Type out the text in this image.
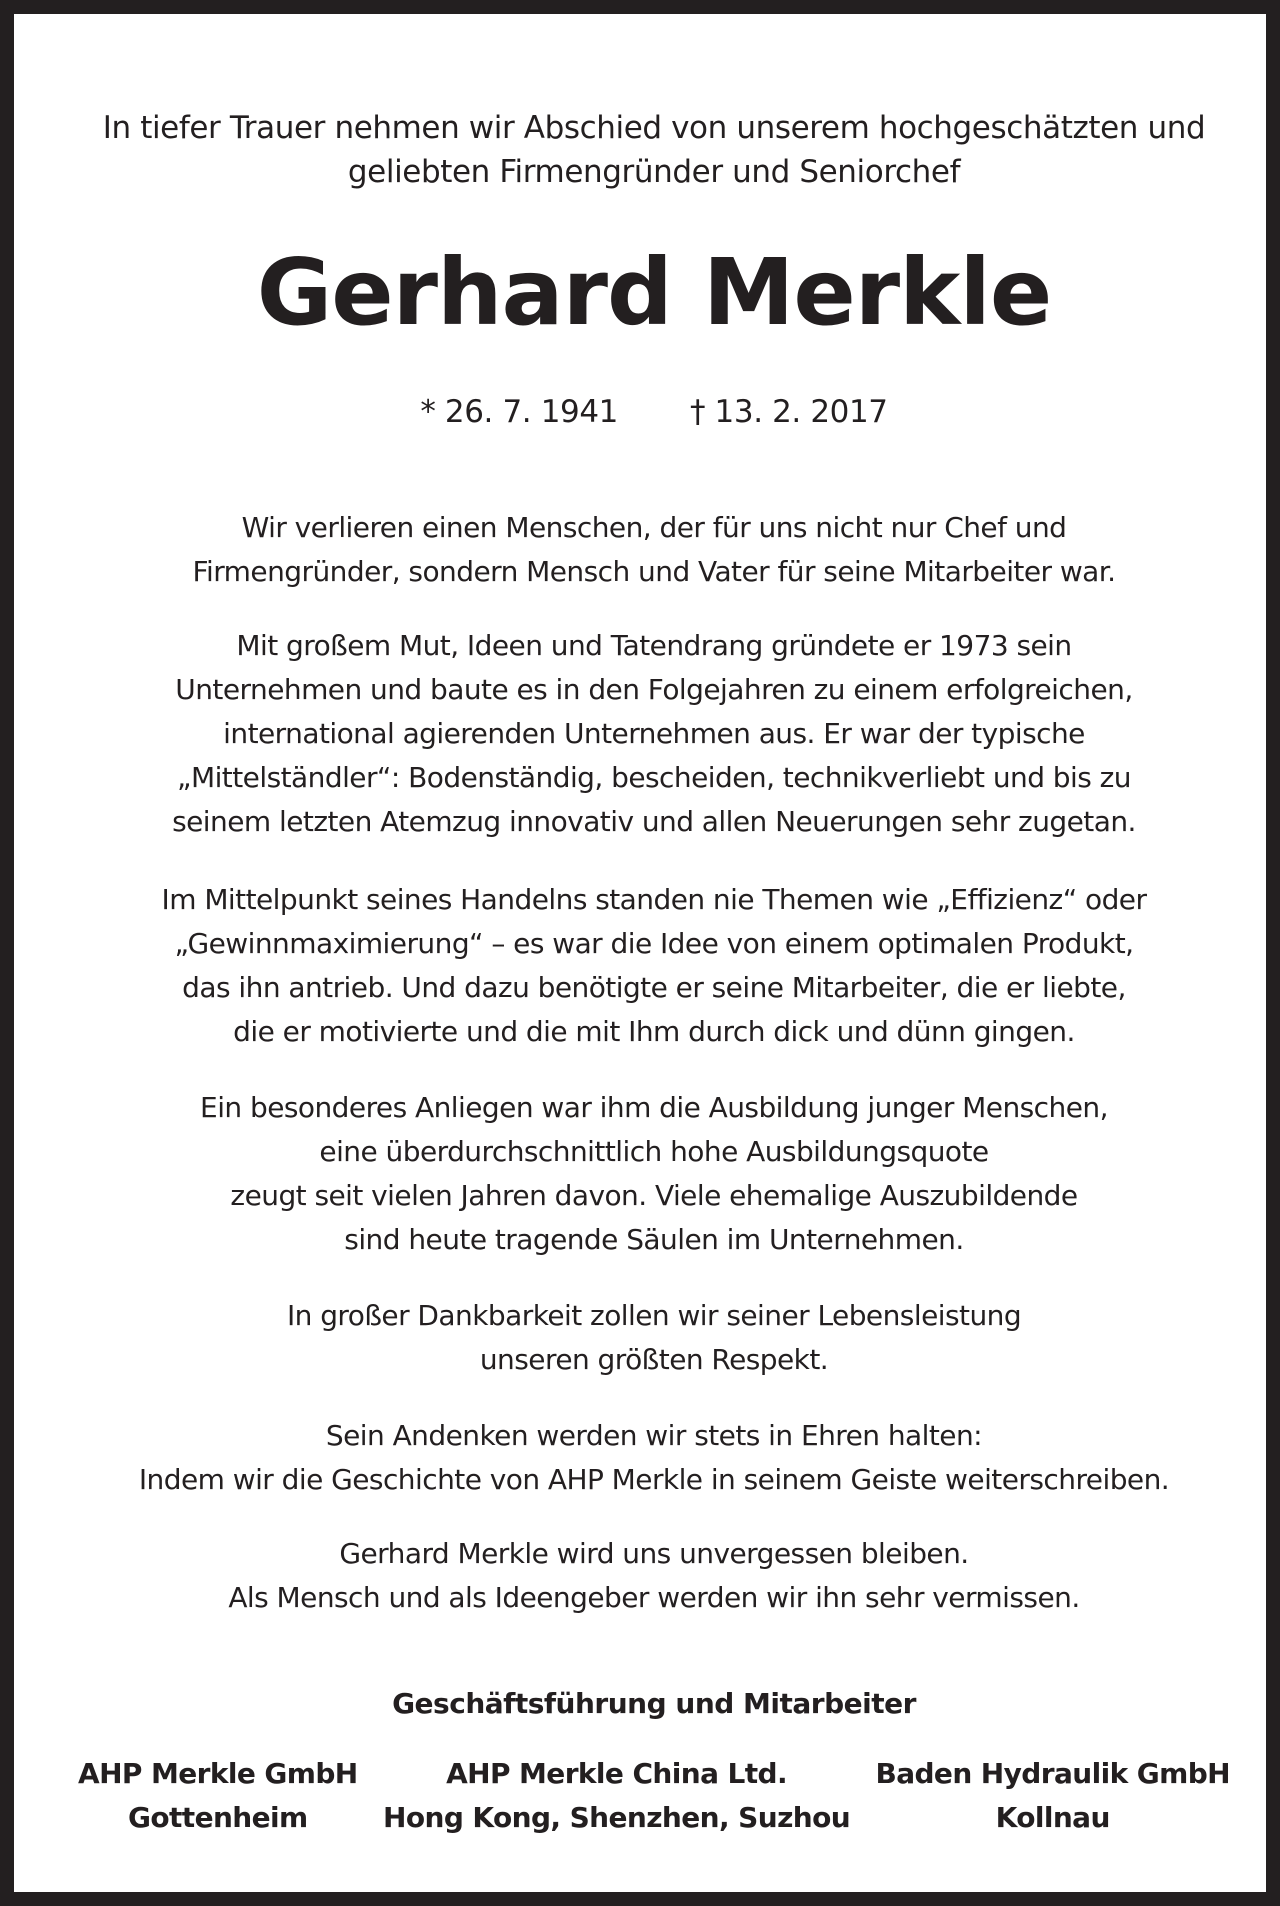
In tiefer Trauer nehmen wir Abschied von unserem hochgeschätzten und
geliebten Firmengründer und Seniorchef
Gerhard Merkle
* 26. 7. 1941 † 13. 2. 2017
Wir verlieren einen Menschen, der für uns nicht nur Chef und
Firmengründer, sondern Mensch und Vater für seine Mitarbeiter war.
Mit großem Mut, Ideen und Tatendrang gründete er 1973 sein
Unternehmen und baute es in den Folgejahren zu einem erfolgreichen,
international agierenden Unternehmen aus. Er war der typische
„Mittelständler“: Bodenständig, bescheiden, technikverliebt und bis zu
seinem letzten Atemzug innovativ und allen Neuerungen sehr zugetan.
Im Mittelpunkt seines Handelns standen nie Themen wie „Effizienz“ oder
„Gewinnmaximierung“ – es war die Idee von einem optimalen Produkt,
das ihn antrieb. Und dazu benötigte er seine Mitarbeiter, die er liebte,
die er motivierte und die mit Ihm durch dick und dünn gingen.
Ein besonderes Anliegen war ihm die Ausbildung junger Menschen,
eine überdurchschnittlich hohe Ausbildungsquote
zeugt seit vielen Jahren davon. Viele ehemalige Auszubildende
sind heute tragende Säulen im Unternehmen.
In großer Dankbarkeit zollen wir seiner Lebensleistung
unseren größten Respekt.
Sein Andenken werden wir stets in Ehren halten:
Indem wir die Geschichte von AHP Merkle in seinem Geiste weiterschreiben.
Gerhard Merkle wird uns unvergessen bleiben.
Als Mensch und als Ideengeber werden wir ihn sehr vermissen.
Geschäftsführung und Mitarbeiter
AHP Merkle GmbH
Gottenheim
AHP Merkle China Ltd.
Hong Kong, Shenzhen, Suzhou
Baden Hydraulik GmbH
Kollnau
